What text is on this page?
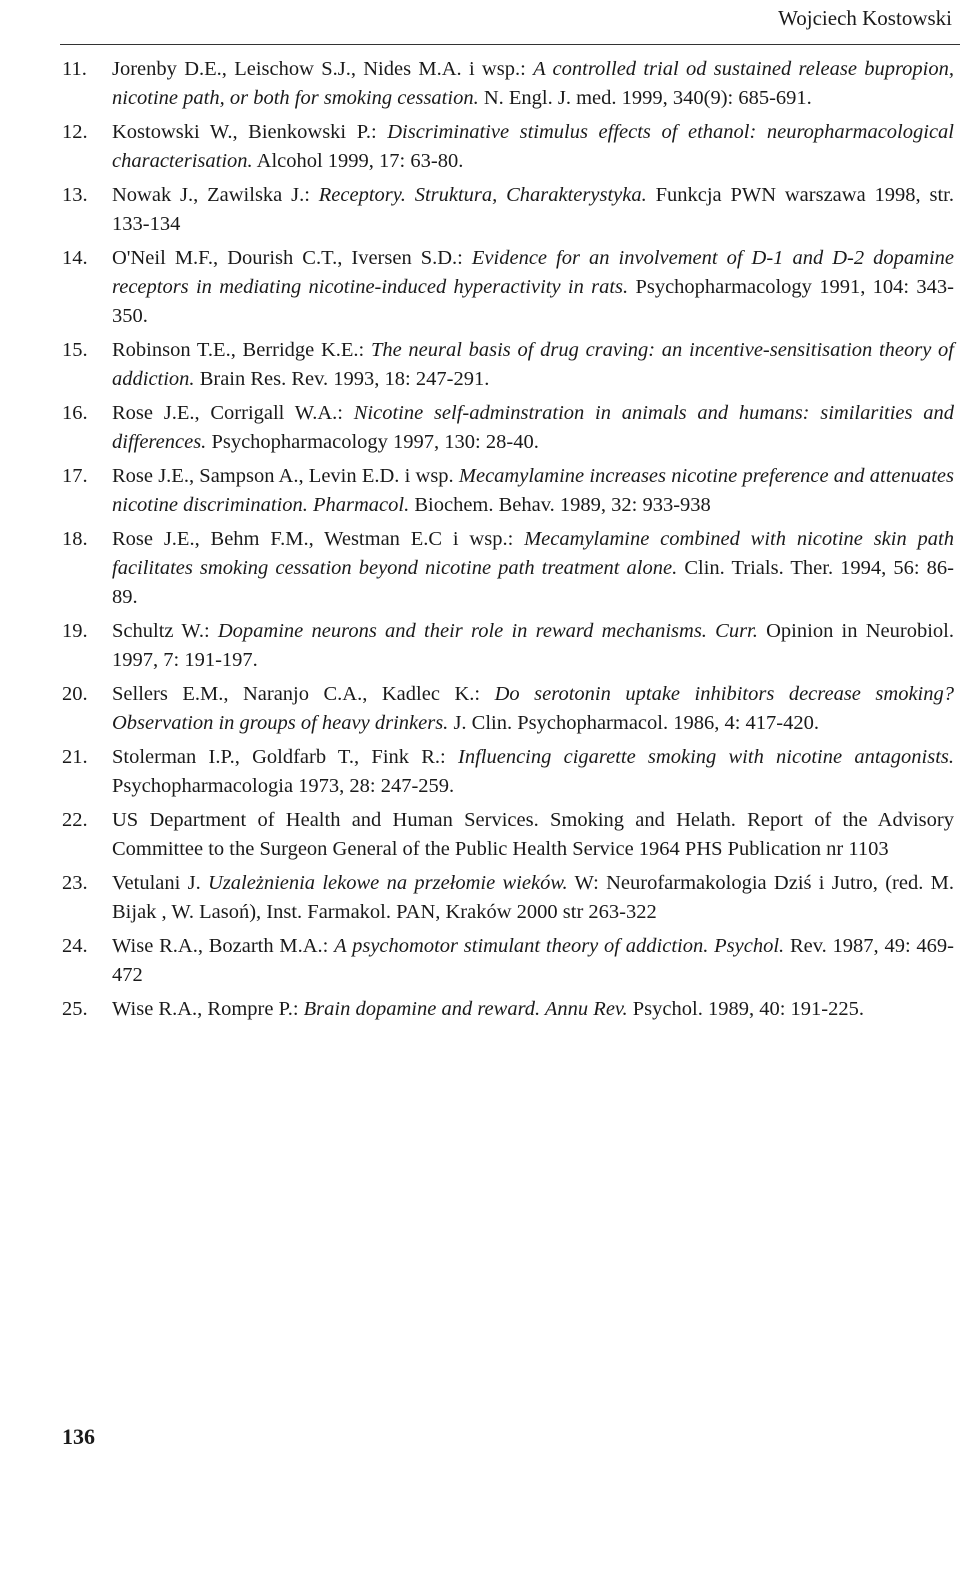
Wojciech Kostowski
11.	Jorenby D.E., Leischow S.J., Nides M.A. i wsp.: A controlled trial od sustained release bupropion, nicotine path, or both for smoking cessation. N. Engl. J. med. 1999, 340(9): 685-691.
12.	Kostowski W., Bienkowski P.: Discriminative stimulus effects of ethanol: neuropharmacological characterisation. Alcohol 1999, 17: 63-80.
13.	Nowak J., Zawilska J.: Receptory. Struktura, Charakterystyka. Funkcja PWN warszawa 1998, str. 133-134
14.	O'Neil M.F., Dourish C.T., Iversen S.D.: Evidence for an involvement of D-1 and D-2 dopamine receptors in mediating nicotine-induced hyperactivity in rats. Psychopharmacology 1991, 104: 343-350.
15.	Robinson T.E., Berridge K.E.: The neural basis of drug craving: an incentive-sensitisation theory of addiction. Brain Res. Rev. 1993, 18: 247-291.
16.	Rose J.E., Corrigall W.A.: Nicotine self-adminstration in animals and humans: similarities and differences. Psychopharmacology 1997, 130: 28-40.
17.	Rose J.E., Sampson A., Levin E.D. i wsp. Mecamylamine increases nicotine preference and attenuates nicotine discrimination. Pharmacol. Biochem. Behav. 1989, 32: 933-938
18.	Rose J.E., Behm F.M., Westman E.C i wsp.: Mecamylamine combined with nicotine skin path facilitates smoking cessation beyond nicotine path treatment alone. Clin. Trials. Ther. 1994, 56: 86-89.
19.	Schultz W.: Dopamine neurons and their role in reward mechanisms. Curr. Opinion in Neurobiol. 1997, 7: 191-197.
20.	Sellers E.M., Naranjo C.A., Kadlec K.: Do serotonin uptake inhibitors decrease smoking? Observation in groups of heavy drinkers. J. Clin. Psychopharmacol. 1986, 4: 417-420.
21.	Stolerman I.P., Goldfarb T., Fink R.: Influencing cigarette smoking with nicotine antagonists. Psychopharmacologia 1973, 28: 247-259.
22.	US Department of Health and Human Services. Smoking and Helath. Report of the Advisory Committee to the Surgeon General of the Public Health Service 1964 PHS Publication nr 1103
23.	Vetulani J. Uzależnienia lekowe na przełomie wieków. W: Neurofarmakologia Dziś i Jutro, (red. M. Bijak , W. Lasoń), Inst. Farmakol. PAN, Kraków 2000 str 263-322
24.	Wise R.A., Bozarth M.A.: A psychomotor stimulant theory of addiction. Psychol. Rev. 1987, 49: 469-472
25.	Wise R.A., Rompre P.: Brain dopamine and reward. Annu Rev. Psychol. 1989, 40: 191-225.
136
